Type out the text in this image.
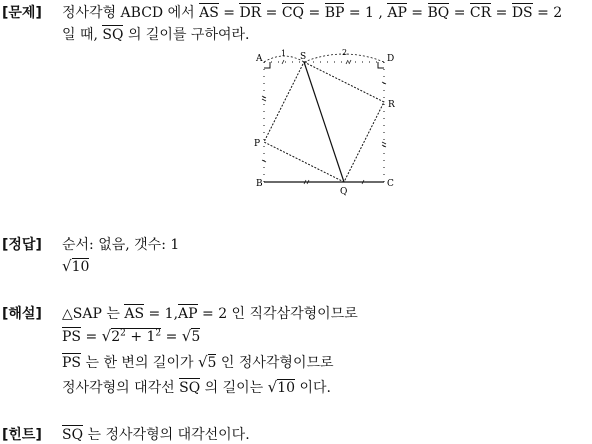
[문제] 정사각형 ABCD 에서 AS = DR = CQ = BP = 1 , AP = BQ = CR = DS = 2
일 때, SQ 의 길이를 구하여라.
A	D
B	C
S
R
P
Q
1	2
[정답] 순서: 없음, 갯수: 1
√10
[해설] △SAP 는 AS = 1,AP = 2 인 직각삼각형이므로
PS = $√2^2 + 1^2 = √5$
PS 는 한 변의 길이가 √5 인 정사각형이므로
정사각형의 대각선 SQ 의 길이는 √10 이다.
[힌트] SQ 는 정사각형의 대각선이다.
